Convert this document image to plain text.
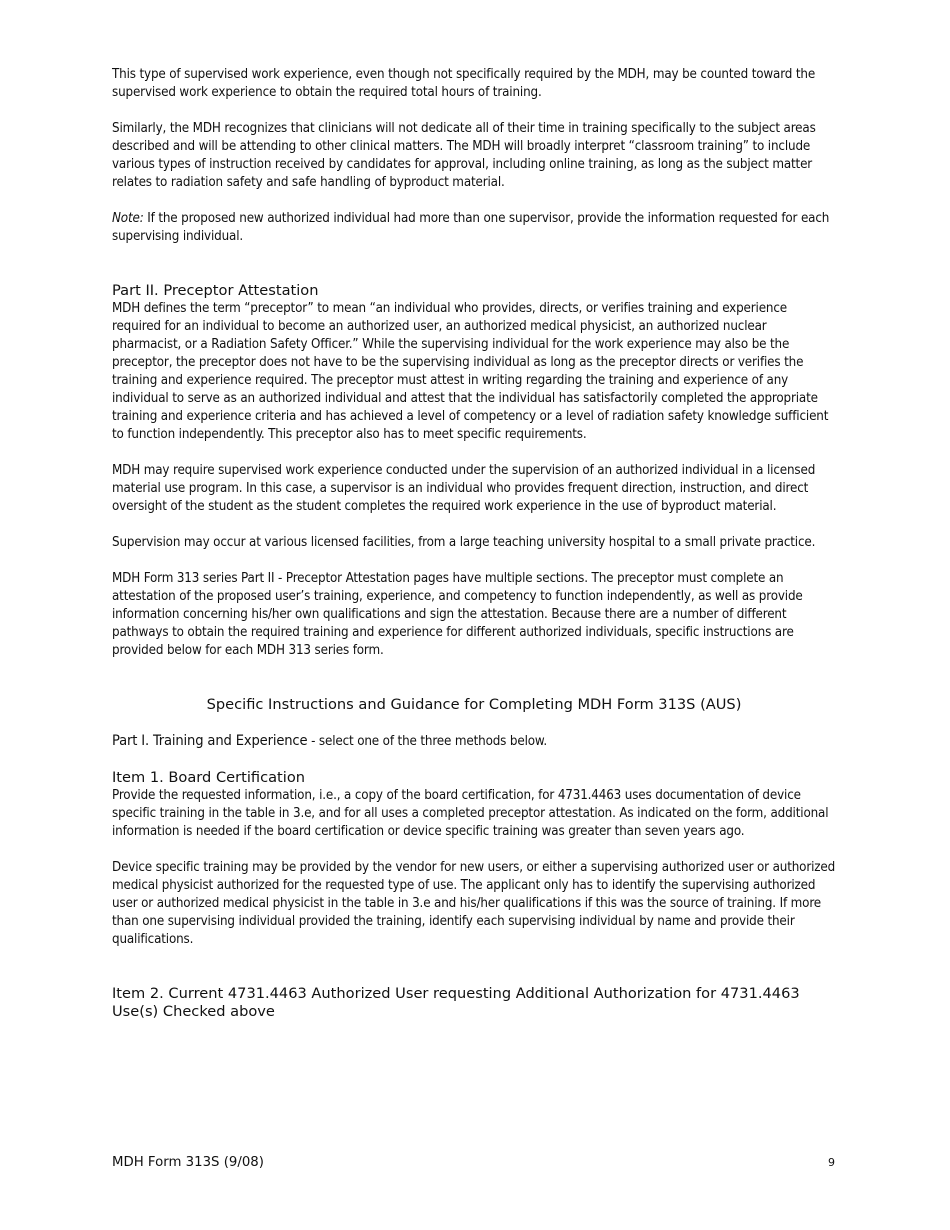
This type of supervised work experience, even though not specifically required by the MDH, may be counted toward the supervised work experience to obtain the required total hours of training.

Similarly, the MDH recognizes that clinicians will not dedicate all of their time in training specifically to the subject areas described and will be attending to other clinical matters. The MDH will broadly interpret “classroom training” to include various types of instruction received by candidates for approval, including online training, as long as the subject matter relates to radiation safety and safe handling of byproduct material.

Note: If the proposed new authorized individual had more than one supervisor, provide the information requested for each supervising individual.

Part II. Preceptor Attestation

MDH defines the term “preceptor” to mean “an individual who provides, directs, or verifies training and experience required for an individual to become an authorized user, an authorized medical physicist, an authorized nuclear pharmacist, or a Radiation Safety Officer.” While the supervising individual for the work experience may also be the preceptor, the preceptor does not have to be the supervising individual as long as the preceptor directs or verifies the training and experience required. The preceptor must attest in writing regarding the training and experience of any individual to serve as an authorized individual and attest that the individual has satisfactorily completed the appropriate training and experience criteria and has achieved a level of competency or a level of radiation safety knowledge sufficient to function independently. This preceptor also has to meet specific requirements.

MDH may require supervised work experience conducted under the supervision of an authorized individual in a licensed material use program. In this case, a supervisor is an individual who provides frequent direction, instruction, and direct oversight of the student as the student completes the required work experience in the use of byproduct material.

Supervision may occur at various licensed facilities, from a large teaching university hospital to a small private practice.

MDH Form 313 series Part II - Preceptor Attestation pages have multiple sections. The preceptor must complete an attestation of the proposed user’s training, experience, and competency to function independently, as well as provide information concerning his/her own qualifications and sign the attestation. Because there are a number of different pathways to obtain the required training and experience for different authorized individuals, specific instructions are provided below for each MDH 313 series form.

Specific Instructions and Guidance for Completing MDH Form 313S (AUS)

Part I. Training and Experience - select one of the three methods below.

Item 1. Board Certification

Provide the requested information, i.e., a copy of the board certification, for 4731.4463 uses documentation of device specific training in the table in 3.e, and for all uses a completed preceptor attestation. As indicated on the form, additional information is needed if the board certification or device specific training was greater than seven years ago.

Device specific training may be provided by the vendor for new users, or either a supervising authorized user or authorized medical physicist authorized for the requested type of use. The applicant only has to identify the supervising authorized user or authorized medical physicist in the table in 3.e and his/her qualifications if this was the source of training. If more than one supervising individual provided the training, identify each supervising individual by name and provide their qualifications.

Item 2. Current 4731.4463 Authorized User requesting Additional Authorization for 4731.4463 Use(s) Checked above

MDH Form 313S (9/08)	9
